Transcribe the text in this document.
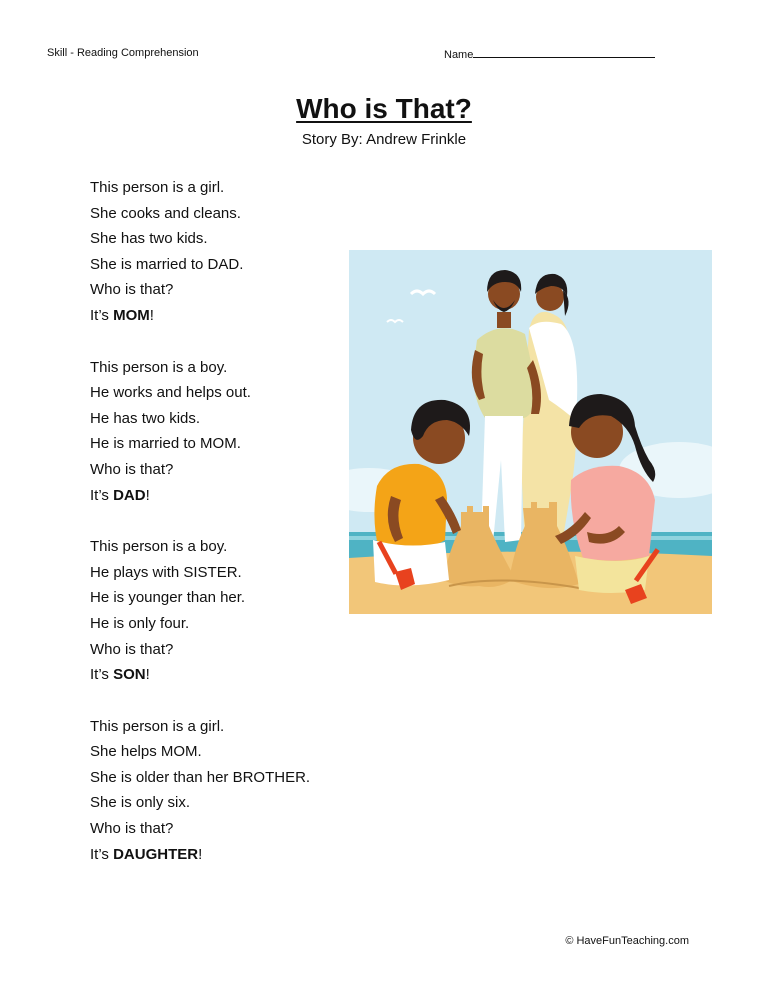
Skill - Reading Comprehension	Name
Who is That?
Story By: Andrew Frinkle
This person is a girl.
She cooks and cleans.
She has two kids.
She is married to DAD.
Who is that?
It’s MOM!
This person is a boy.
He works and helps out.
He has two kids.
He is married to MOM.
Who is that?
It’s DAD!
This person is a boy.
He plays with SISTER.
He is younger than her.
He is only four.
Who is that?
It’s SON!
This person is a girl.
She helps MOM.
She is older than her BROTHER.
She is only six.
Who is that?
It’s DAUGHTER!
© HaveFunTeaching.com
